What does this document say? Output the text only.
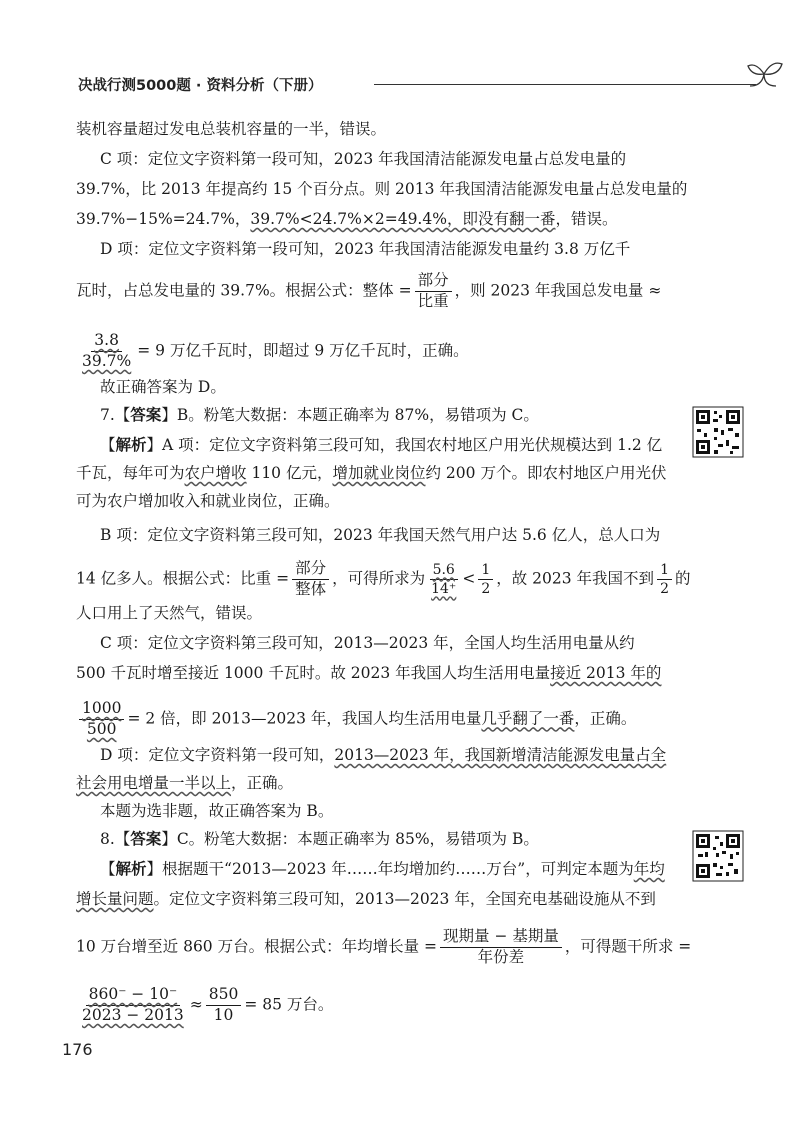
决战行测5000题 · 资料分析（下册）
装机容量超过发电总装机容量的一半，错误。
C 项：定位文字资料第一段可知，2023 年我国清洁能源发电量占总发电量的
39.7%，比 2013 年提高约 15 个百分点。则 2013 年我国清洁能源发电量占总发电量的
39.7%−15%=24.7%，39.7%<24.7%×2=49.4%，即没有翻一番，错误。
D 项：定位文字资料第一段可知，2023 年我国清洁能源发电量约 3.8 万亿千
瓦时，占总发电量的 39.7%。根据公式：整体 = $\frac{\text{部分}}{\text{比重}}$ ，则 2023 年我国总发电量 ≈
$\frac{3.8}{39.7\%} = 9$ 万亿千瓦时，即超过 9 万亿千瓦时，正确。
故正确答案为 D。
7.【答案】B。粉笔大数据：本题正确率为 87%，易错项为 C。
【解析】A 项：定位文字资料第三段可知，我国农村地区户用光伏规模达到 1.2 亿
千瓦，每年可为农户增收 110 亿元，增加就业岗位约 200 万个。即农村地区户用光伏
可为农户增加收入和就业岗位，正确。
B 项：定位文字资料第三段可知，2023 年我国天然气用户达 5.6 亿人，总人口为
14 亿多人。根据公式：比重 = $\frac{\text{部分}}{\text{整体}}$ ，可得所求为 $\frac{5.6}{14^+} < \frac{1}{2}$ ，故 2023 年我国不到 $\frac{1}{2}$ 的
人口用上了天然气，错误。
C 项：定位文字资料第三段可知，2013—2023 年，全国人均生活用电量从约
500 千瓦时增至接近 1000 千瓦时。故 2023 年我国人均生活用电量接近 2013 年的
$\frac{1000}{500} = 2$ 倍，即 2013—2023 年，我国人均生活用电量几乎翻了一番，正确。
D 项：定位文字资料第一段可知，2013—2023 年，我国新增清洁能源发电量占全
社会用电增量一半以上，正确。
本题为选非题，故正确答案为 B。
8.【答案】C。粉笔大数据：本题正确率为 85%，易错项为 B。
【解析】根据题干“2013—2023 年……年均增加约……万台”，可判定本题为年均
增长量问题。定位文字资料第三段可知，2013—2023 年，全国充电基础设施从不到
10 万台增至近 860 万台。根据公式：年均增长量 = $\frac{\text{现期量 − 基期量}}{\text{年份差}}$ ，可得题干所求 =
$\frac{860^- - 10^-}{2023 - 2013} \approx \frac{850}{10} = 85$ 万台。
176
